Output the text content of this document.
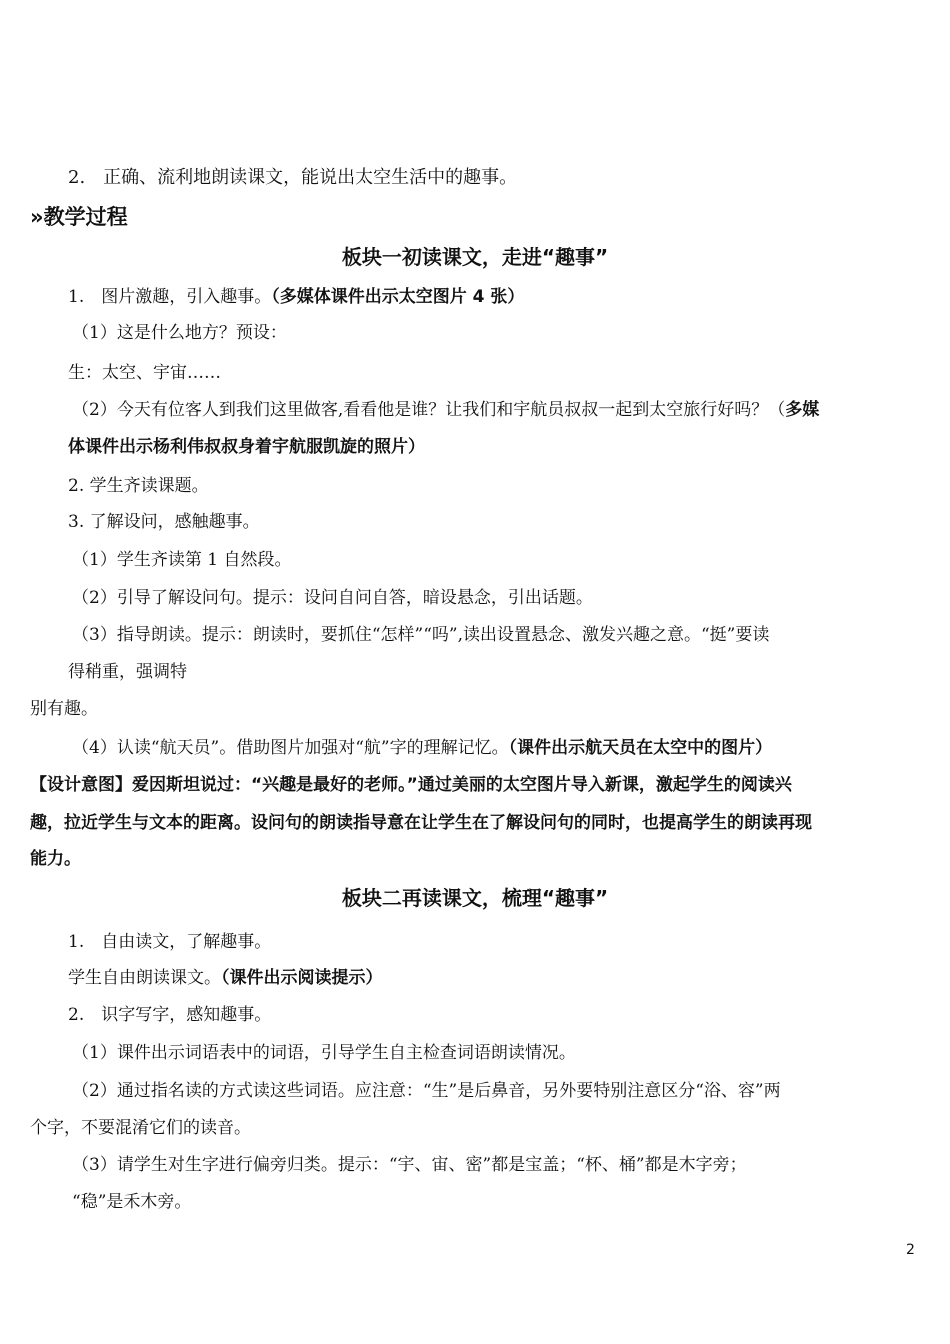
2.　正确、流利地朗读课文，能说出太空生活中的趣事。
»教学过程
板块一初读课文，走进“趣事”
1.　图片激趣，引入趣事。（多媒体课件出示太空图片 4 张）
（1）这是什么地方？预设：
生：太空、宇宙……
（2）今天有位客人到我们这里做客,看看他是谁？让我们和宇航员叔叔一起到太空旅行好吗？（多媒
体课件出示杨利伟叔叔身着宇航服凯旋的照片）
2. 学生齐读课题。
3. 了解设问，感触趣事。
（1）学生齐读第 1 自然段。
（2）引导了解设问句。提示：设问自问自答，暗设悬念，引出话题。
（3）指导朗读。提示：朗读时，要抓住“怎样”“吗”,读出设置悬念、激发兴趣之意。“挺”要读
得稍重，强调特
别有趣。
（4）认读“航天员”。借助图片加强对“航”字的理解记忆。（课件出示航天员在太空中的图片）
【设计意图】爱因斯坦说过：“兴趣是最好的老师。”通过美丽的太空图片导入新课，激起学生的阅读兴
趣，拉近学生与文本的距离。设问句的朗读指导意在让学生在了解设问句的同时，也提高学生的朗读再现
能力。
板块二再读课文，梳理“趣事”
1.　自由读文，了解趣事。
学生自由朗读课文。（课件出示阅读提示）
2.　识字写字，感知趣事。
（1）课件出示词语表中的词语，引导学生自主检查词语朗读情况。
（2）通过指名读的方式读这些词语。应注意：“生”是后鼻音，另外要特别注意区分“浴、容”两
个字，不要混淆它们的读音。
（3）请学生对生字进行偏旁归类。提示：“宇、宙、密”都是宝盖；“杯、桶”都是木字旁；
“稳”是禾木旁。
2
